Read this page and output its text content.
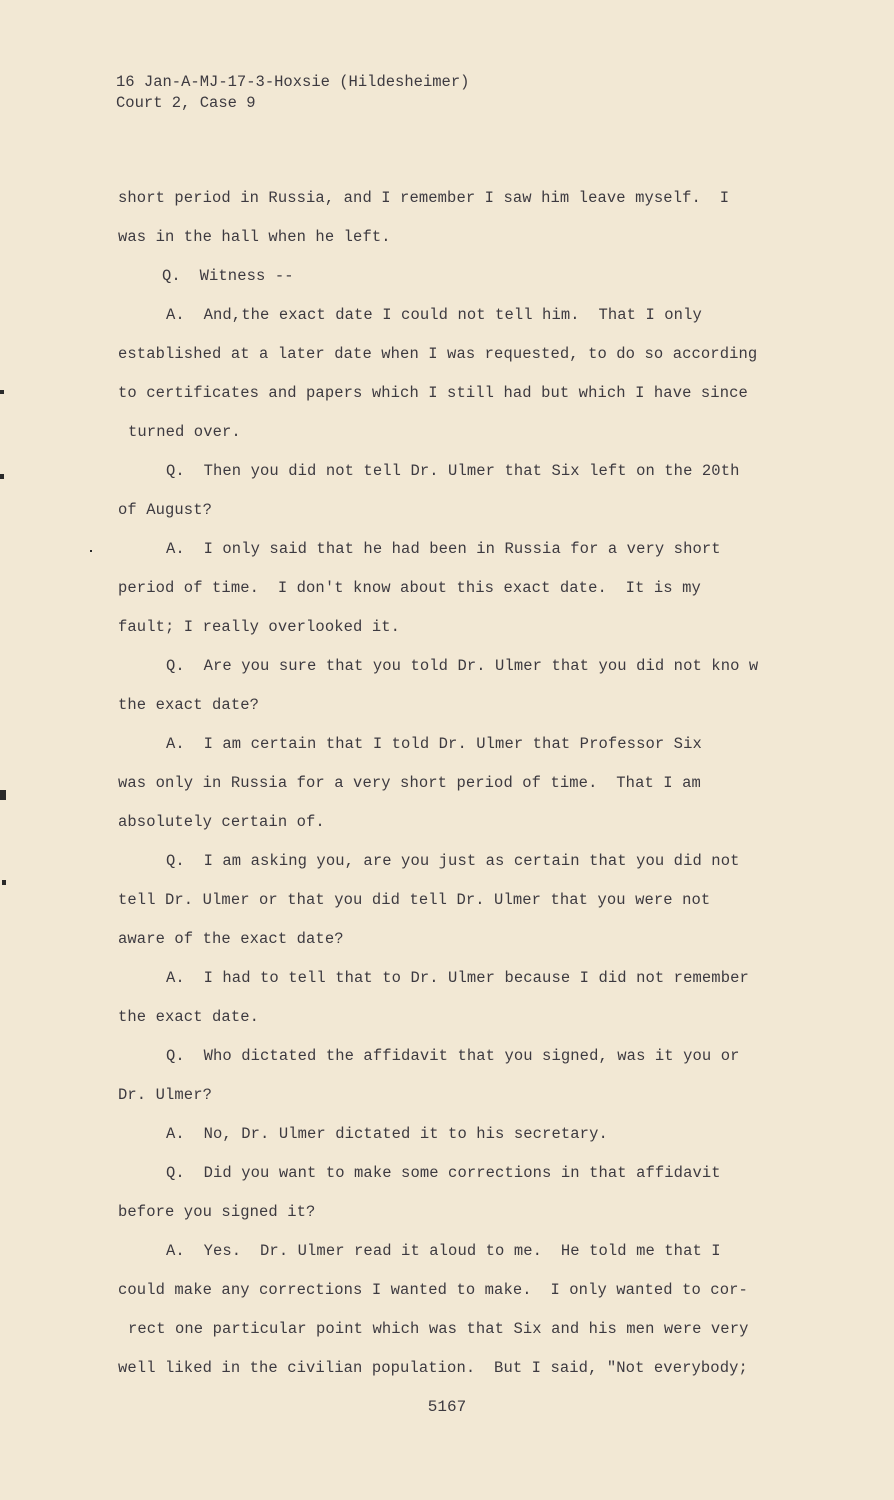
16 Jan-A-MJ-17-3-Hoxsie (Hildesheimer)
Court 2, Case 9
short period in Russia, and I remember I saw him leave myself.  I
was in the hall when he left.
Q.  Witness --
A.  And,the exact date I could not tell him.  That I only
established at a later date when I was requested, to do so according
to certificates and papers which I still had but which I have since
turned over.
Q.  Then you did not tell Dr. Ulmer that Six left on the 20th
of August?
A.  I only said that he had been in Russia for a very short
period of time.  I don't know about this exact date.  It is my
fault; I really overlooked it.
Q.  Are you sure that you told Dr. Ulmer that you did not kno w
the exact date?
A.  I am certain that I told Dr. Ulmer that Professor Six
was only in Russia for a very short period of time.  That I am
absolutely certain of.
Q.  I am asking you, are you just as certain that you did not
tell Dr. Ulmer or that you did tell Dr. Ulmer that you were not
aware of the exact date?
A.  I had to tell that to Dr. Ulmer because I did not remember
the exact date.
Q.  Who dictated the affidavit that you signed, was it you or
Dr. Ulmer?
A.  No, Dr. Ulmer dictated it to his secretary.
Q.  Did you want to make some corrections in that affidavit
before you signed it?
A.  Yes.  Dr. Ulmer read it aloud to me.  He told me that I
could make any corrections I wanted to make.  I only wanted to cor-
rect one particular point which was that Six and his men were very
well liked in the civilian population.  But I said, "Not everybody;
5167
